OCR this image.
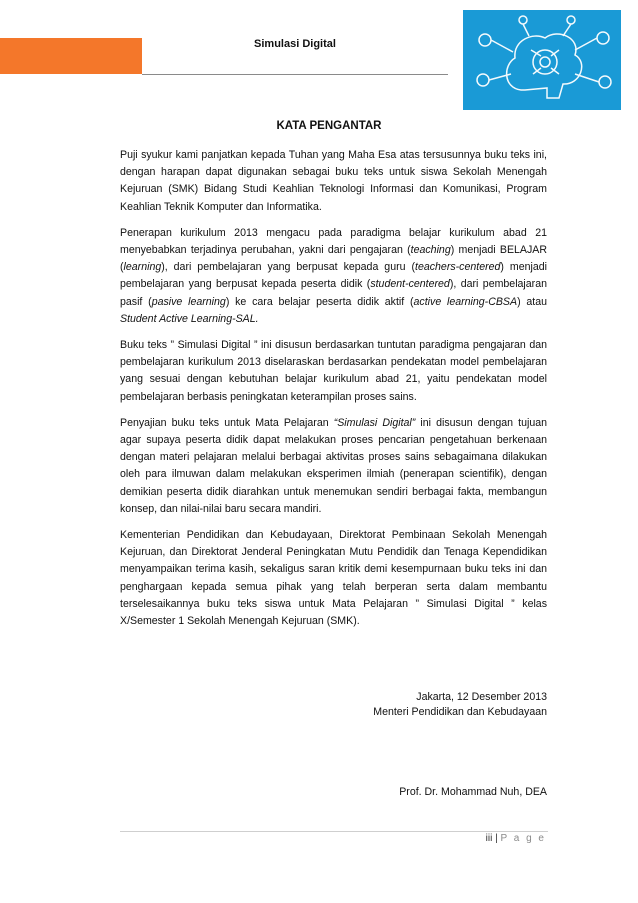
Simulasi Digital
KATA PENGANTAR

Puji syukur kami panjatkan kepada Tuhan yang Maha Esa atas tersusunnya buku teks ini, dengan harapan dapat digunakan sebagai buku teks untuk siswa Sekolah Menengah Kejuruan (SMK) Bidang Studi Keahlian Teknologi Informasi dan Komunikasi, Program Keahlian Teknik Komputer dan Informatika.

Penerapan kurikulum 2013 mengacu pada paradigma belajar kurikulum abad 21 menyebabkan terjadinya perubahan, yakni dari pengajaran (teaching) menjadi BELAJAR (learning), dari pembelajaran yang berpusat kepada guru (teachers-centered) menjadi pembelajaran yang berpusat kepada peserta didik (student-centered), dari pembelajaran pasif (pasive learning) ke cara belajar peserta didik aktif (active learning-CBSA) atau Student Active Learning-SAL.

Buku teks ” Simulasi Digital ” ini disusun berdasarkan tuntutan paradigma pengajaran dan pembelajaran kurikulum 2013 diselaraskan berdasarkan pendekatan model pembelajaran yang sesuai dengan kebutuhan belajar kurikulum abad 21, yaitu pendekatan model pembelajaran berbasis peningkatan keterampilan proses sains.

Penyajian buku teks untuk Mata Pelajaran “Simulasi Digital” ini disusun dengan tujuan agar supaya peserta didik dapat melakukan proses pencarian pengetahuan berkenaan dengan materi pelajaran melalui berbagai aktivitas proses sains sebagaimana dilakukan oleh para ilmuwan dalam melakukan eksperimen ilmiah (penerapan scientifik), dengan demikian peserta didik diarahkan untuk menemukan sendiri berbagai fakta, membangun konsep, dan nilai-nilai baru secara mandiri.

Kementerian Pendidikan dan Kebudayaan, Direktorat Pembinaan Sekolah Menengah Kejuruan, dan Direktorat Jenderal Peningkatan Mutu Pendidik dan Tenaga Kependidikan menyampaikan terima kasih, sekaligus saran kritik demi kesempurnaan buku teks ini dan penghargaan kepada semua pihak yang telah berperan serta dalam membantu terselesaikannya buku teks siswa untuk Mata Pelajaran ” Simulasi Digital ” kelas X/Semester 1 Sekolah Menengah Kejuruan (SMK).

Jakarta, 12 Desember 2013
Menteri Pendidikan dan Kebudayaan
Prof. Dr. Mohammad Nuh, DEA
iii | P a g e
